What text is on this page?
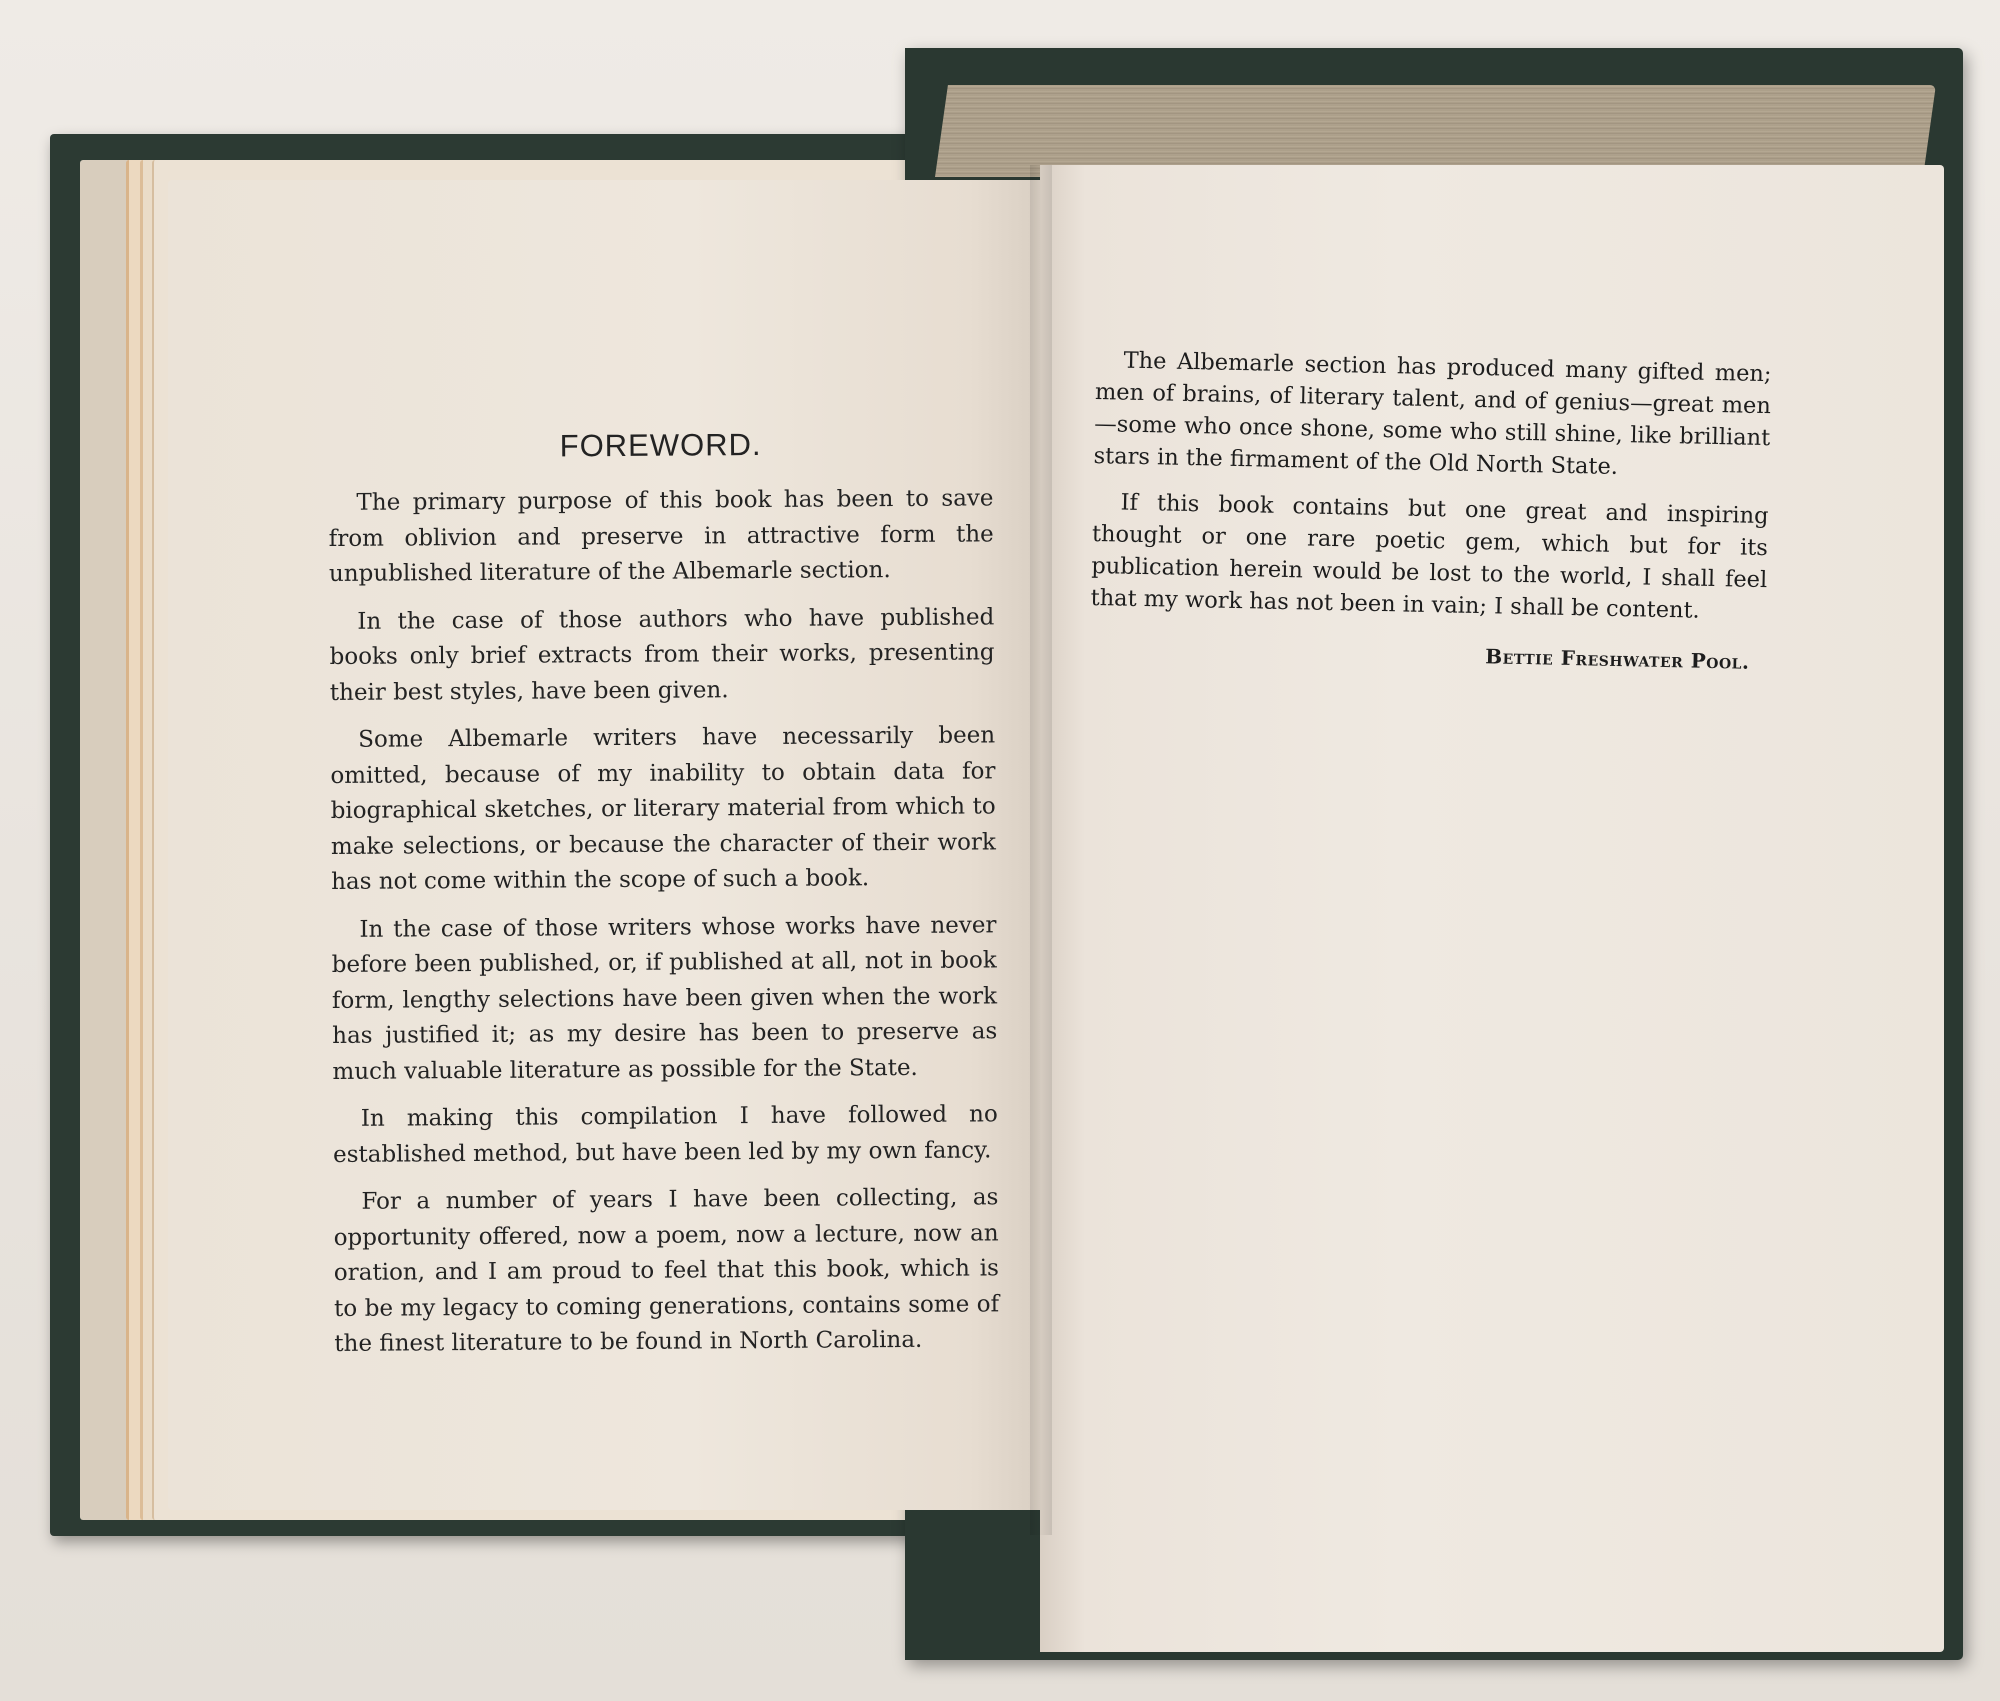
FOREWORD.

The primary purpose of this book has been to save from oblivion and preserve in attractive form the unpublished literature of the Albemarle section.

In the case of those authors who have published books only brief extracts from their works, presenting their best styles, have been given.

Some Albemarle writers have necessarily been omitted, because of my inability to obtain data for biographical sketches, or literary material from which to make selections, or because the character of their work has not come within the scope of such a book.

In the case of those writers whose works have never before been published, or, if published at all, not in book form, lengthy selections have been given when the work has justified it; as my desire has been to preserve as much valuable literature as possible for the State.

In making this compilation I have followed no established method, but have been led by my own fancy.

For a number of years I have been collecting, as opportunity offered, now a poem, now a lecture, now an oration, and I am proud to feel that this book, which is to be my legacy to coming generations, contains some of the finest literature to be found in North Carolina.

The Albemarle section has produced many gifted men; men of brains, of literary talent, and of genius—great men—some who once shone, some who still shine, like brilliant stars in the firmament of the Old North State.

If this book contains but one great and inspiring thought or one rare poetic gem, which but for its publication herein would be lost to the world, I shall feel that my work has not been in vain; I shall be content.

Bettie Freshwater Pool.
